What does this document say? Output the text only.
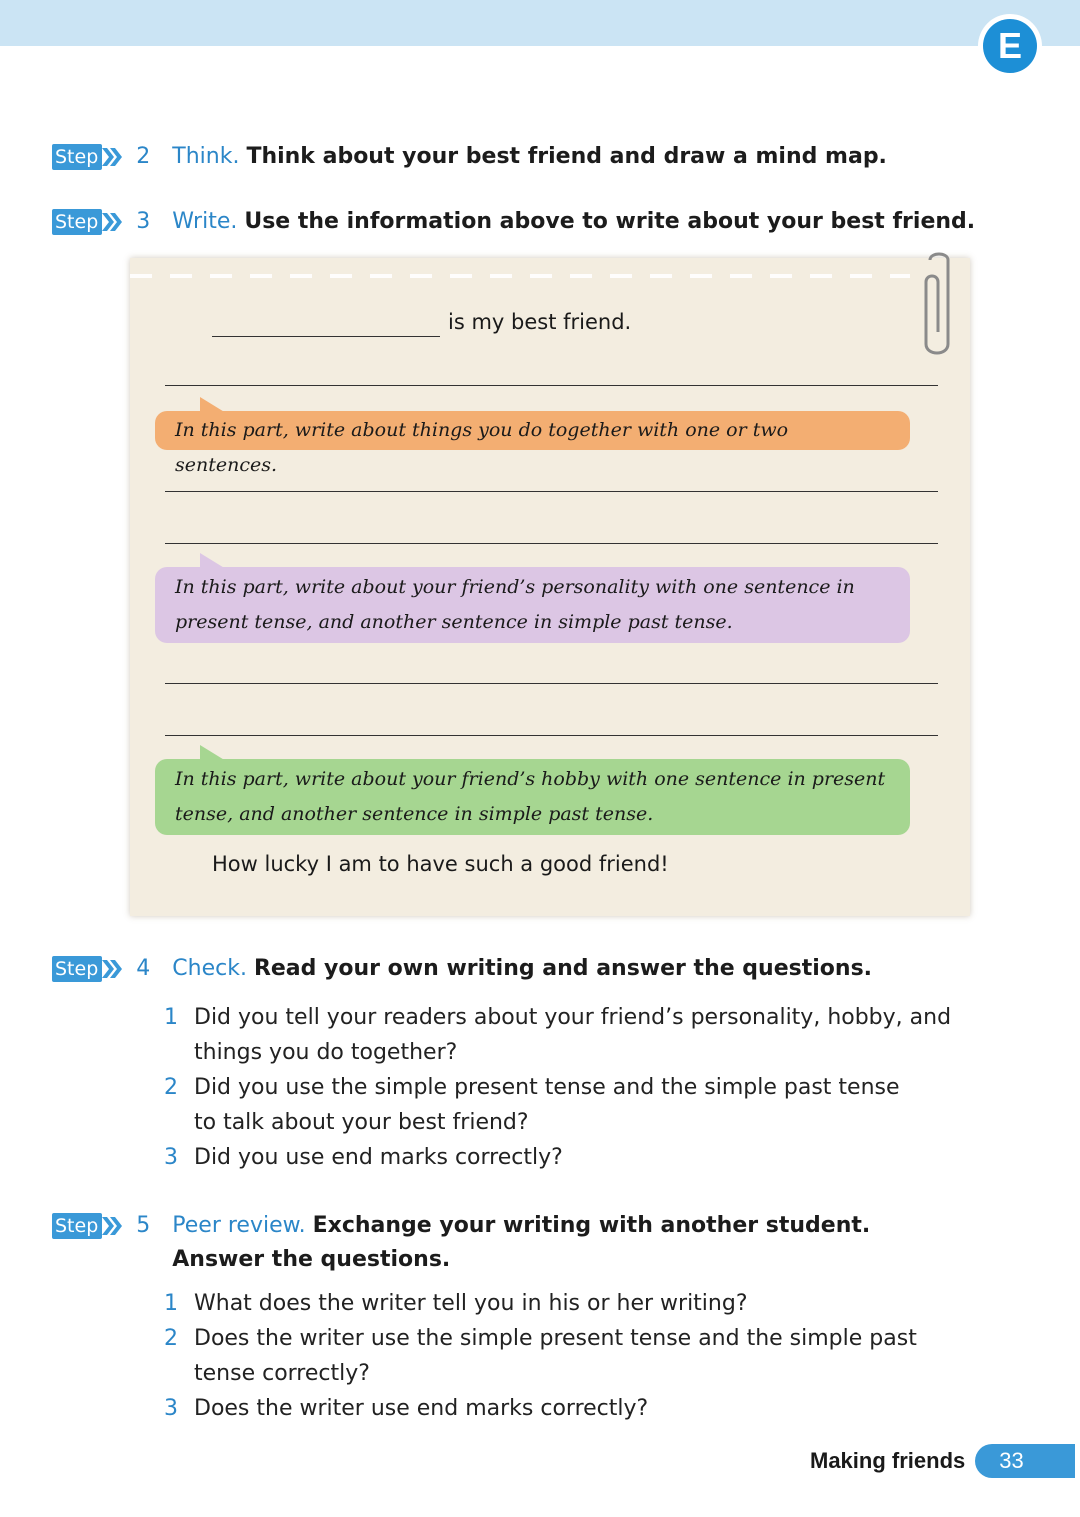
E
Step	2	Think. Think about your best friend and draw a mind map.
Step	3	Write. Use the information above to write about your best friend.
is my best friend.
In this part, write about things you do together with one or two sentences.
In this part, write about your friend’s personality with one sentence in present tense, and another sentence in simple past tense.
In this part, write about your friend’s hobby with one sentence in present tense, and another sentence in simple past tense.
How lucky I am to have such a good friend!
Step	4	Check. Read your own writing and answer the questions.
1 Did you tell your readers about your friend’s personality, hobby, and things you do together?
2 Did you use the simple present tense and the simple past tense to talk about your best friend?
3 Did you use end marks correctly?
Step	5	Peer review. Exchange your writing with another student. Answer the questions.
1 What does the writer tell you in his or her writing?
2 Does the writer use the simple present tense and the simple past tense correctly?
3 Does the writer use end marks correctly?
Making friends	33
